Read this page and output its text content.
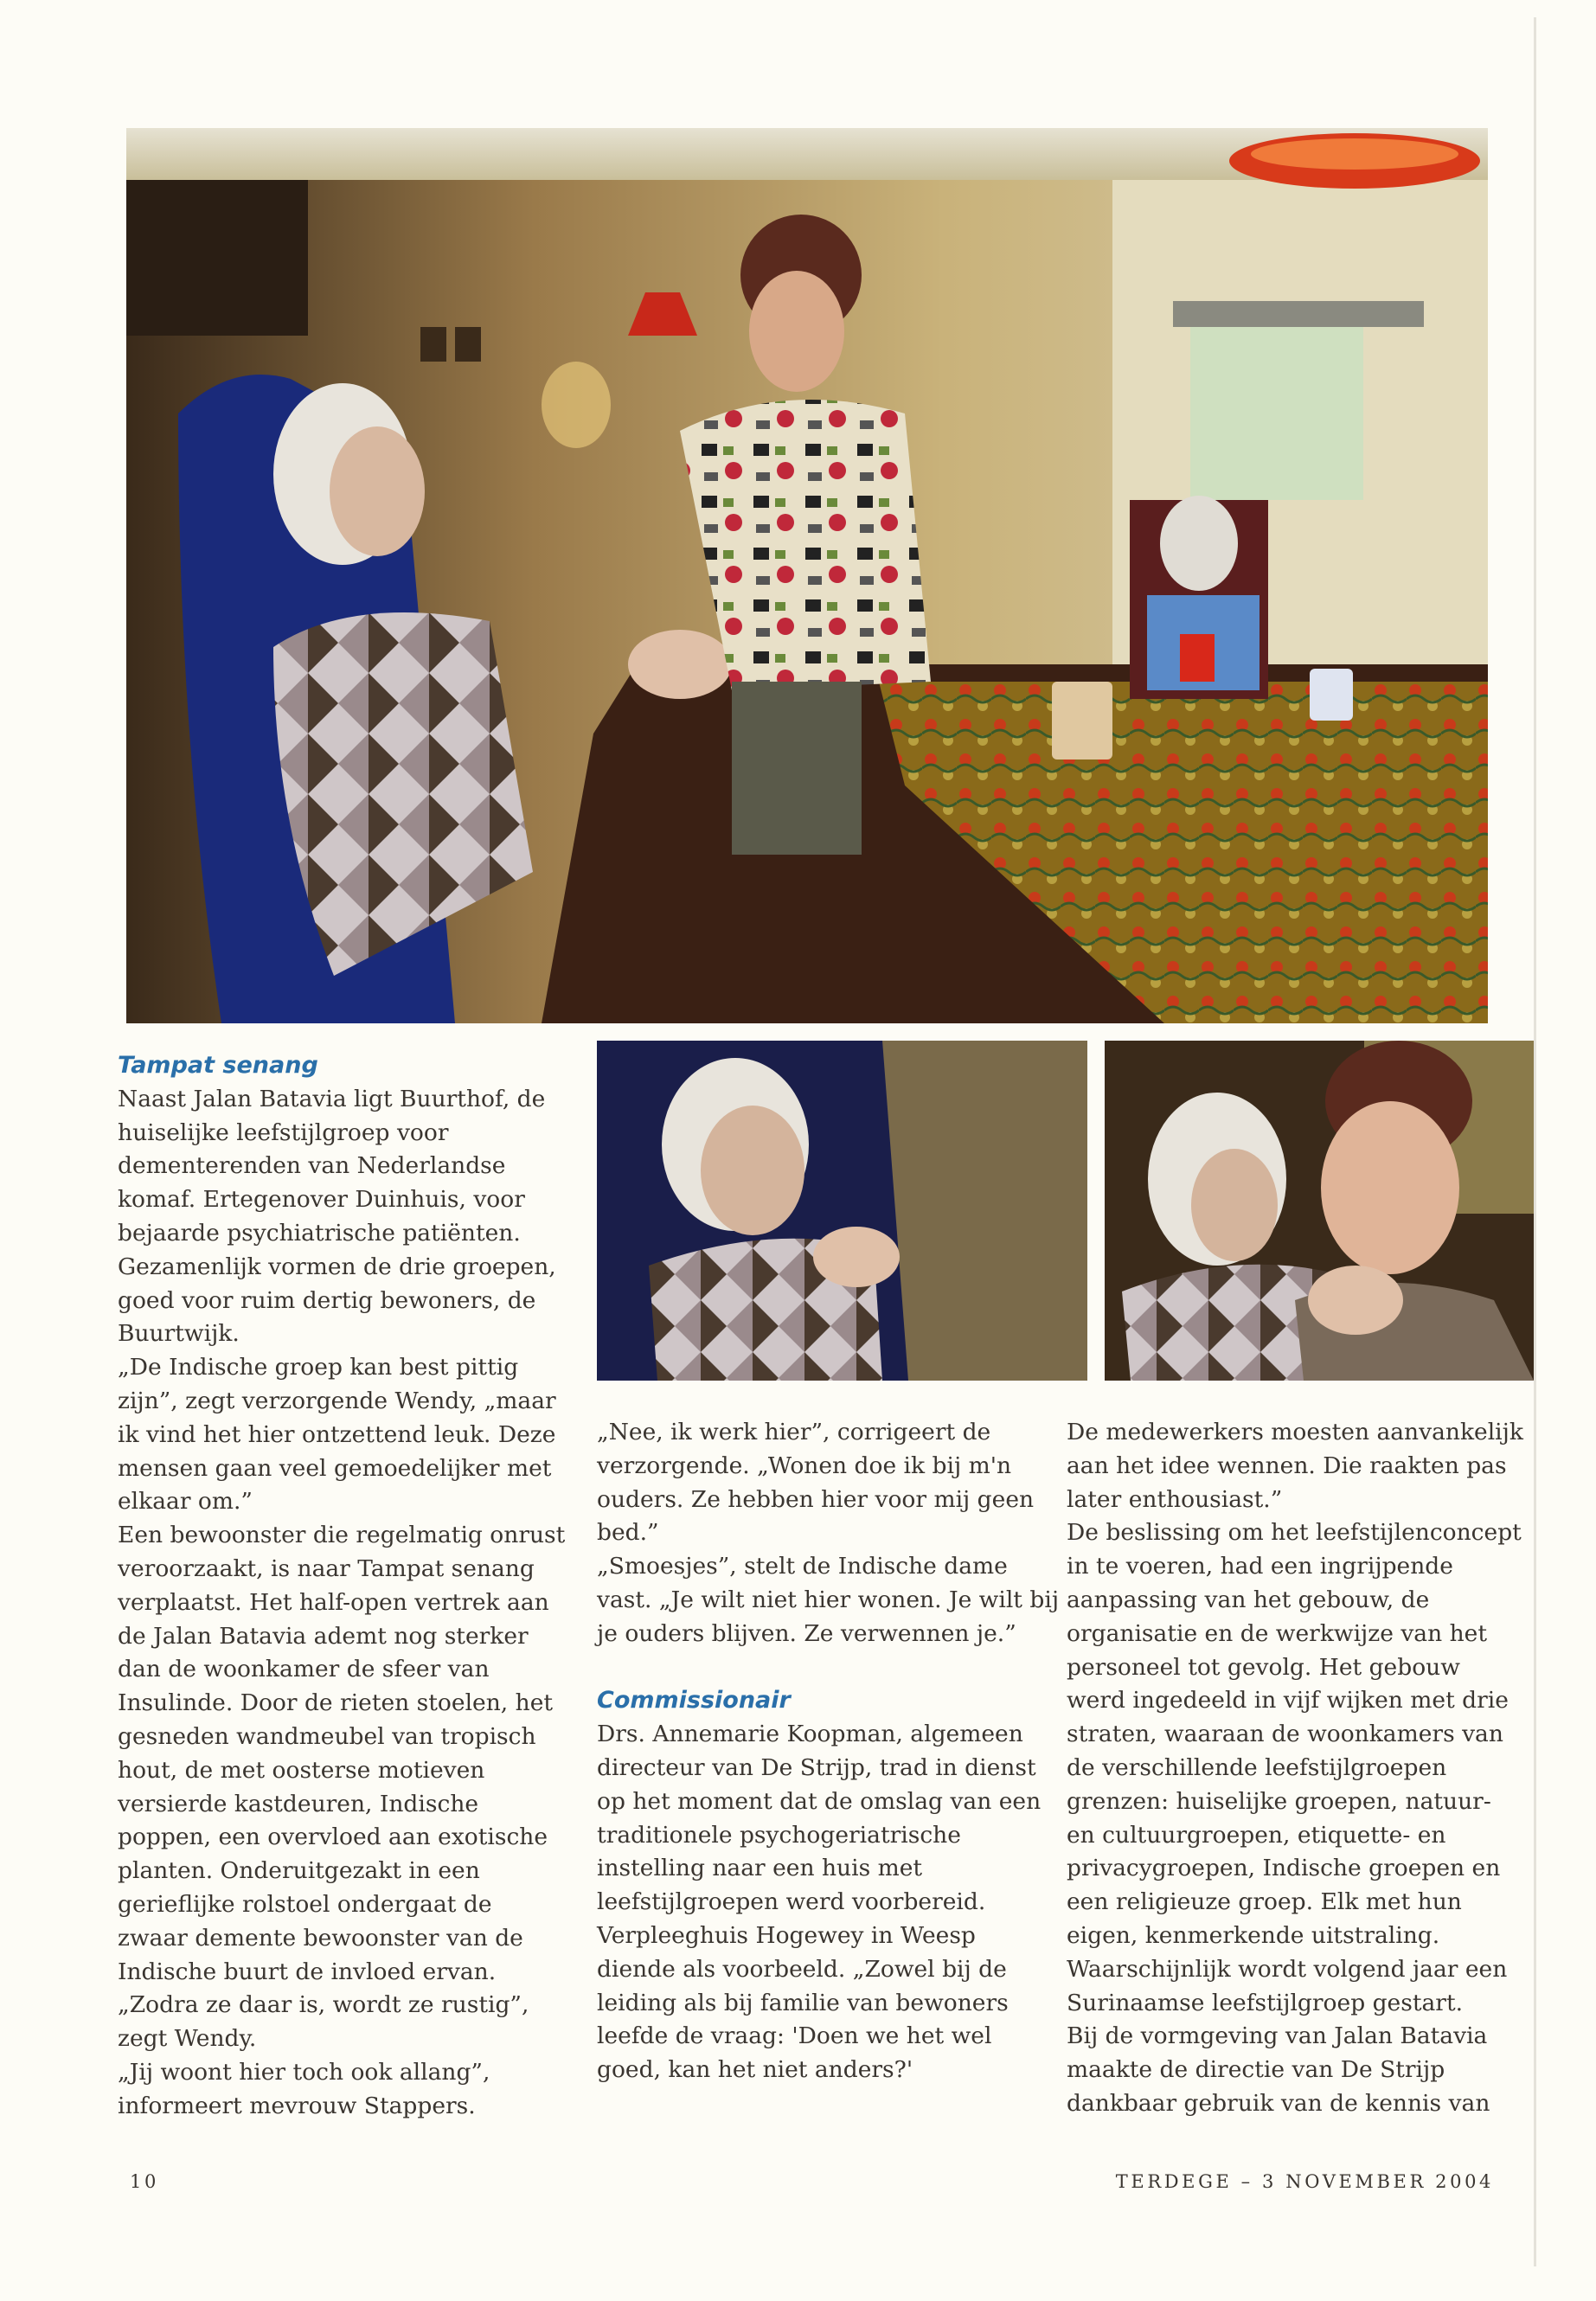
Tampat senang

Naast Jalan Batavia ligt Buurthof, de huiselijke leefstijlgroep voor dementerenden van Nederlandse komaf. Ertegenover Duinhuis, voor bejaarde psychiatrische patiënten. Gezamenlijk vormen de drie groepen, goed voor ruim dertig bewoners, de Buurtwijk.

„De Indische groep kan best pittig zijn”, zegt verzorgende Wendy, „maar ik vind het hier ontzettend leuk. Deze mensen gaan veel gemoedelijker met elkaar om.”

Een bewoonster die regelmatig onrust veroorzaakt, is naar Tampat senang verplaatst. Het half-open vertrek aan de Jalan Batavia ademt nog sterker dan de woonkamer de sfeer van Insulinde. Door de rieten stoelen, het gesneden wandmeubel van tropisch hout, de met oosterse motieven versierde kastdeuren, Indische poppen, een overvloed aan exotische planten. Onderuitgezakt in een gerieflijke rolstoel ondergaat de zwaar demente bewoonster van de Indische buurt de invloed ervan. „Zodra ze daar is, wordt ze rustig”, zegt Wendy.

„Jij woont hier toch ook allang”, informeert mevrouw Stappers.

„Nee, ik werk hier”, corrigeert de verzorgende. „Wonen doe ik bij m'n ouders. Ze hebben hier voor mij geen bed.”

„Smoesjes”, stelt de Indische dame vast. „Je wilt niet hier wonen. Je wilt bij je ouders blijven. Ze verwennen je.”

Commissionair

Drs. Annemarie Koopman, algemeen directeur van De Strijp, trad in dienst op het moment dat de omslag van een traditionele psychogeriatrische instelling naar een huis met leefstijlgroepen werd voorbereid. Verpleeghuis Hogewey in Weesp diende als voorbeeld. „Zowel bij de leiding als bij familie van bewoners leefde de vraag: 'Doen we het wel goed, kan het niet anders?'

De medewerkers moesten aanvankelijk aan het idee wennen. Die raakten pas later enthousiast.”

De beslissing om het leefstijlenconcept in te voeren, had een ingrijpende aanpassing van het gebouw, de organisatie en de werkwijze van het personeel tot gevolg. Het gebouw werd ingedeeld in vijf wijken met drie straten, waaraan de woonkamers van de verschillende leefstijlgroepen grenzen: huiselijke groepen, natuur- en cultuurgroepen, etiquette- en privacygroepen, Indische groepen en een religieuze groep. Elk met hun eigen, kenmerkende uitstraling. Waarschijnlijk wordt volgend jaar een Surinaamse leefstijlgroep gestart.

Bij de vormgeving van Jalan Batavia maakte de directie van De Strijp dankbaar gebruik van de kennis van

10	TERDEGE – 3 NOVEMBER 2004
